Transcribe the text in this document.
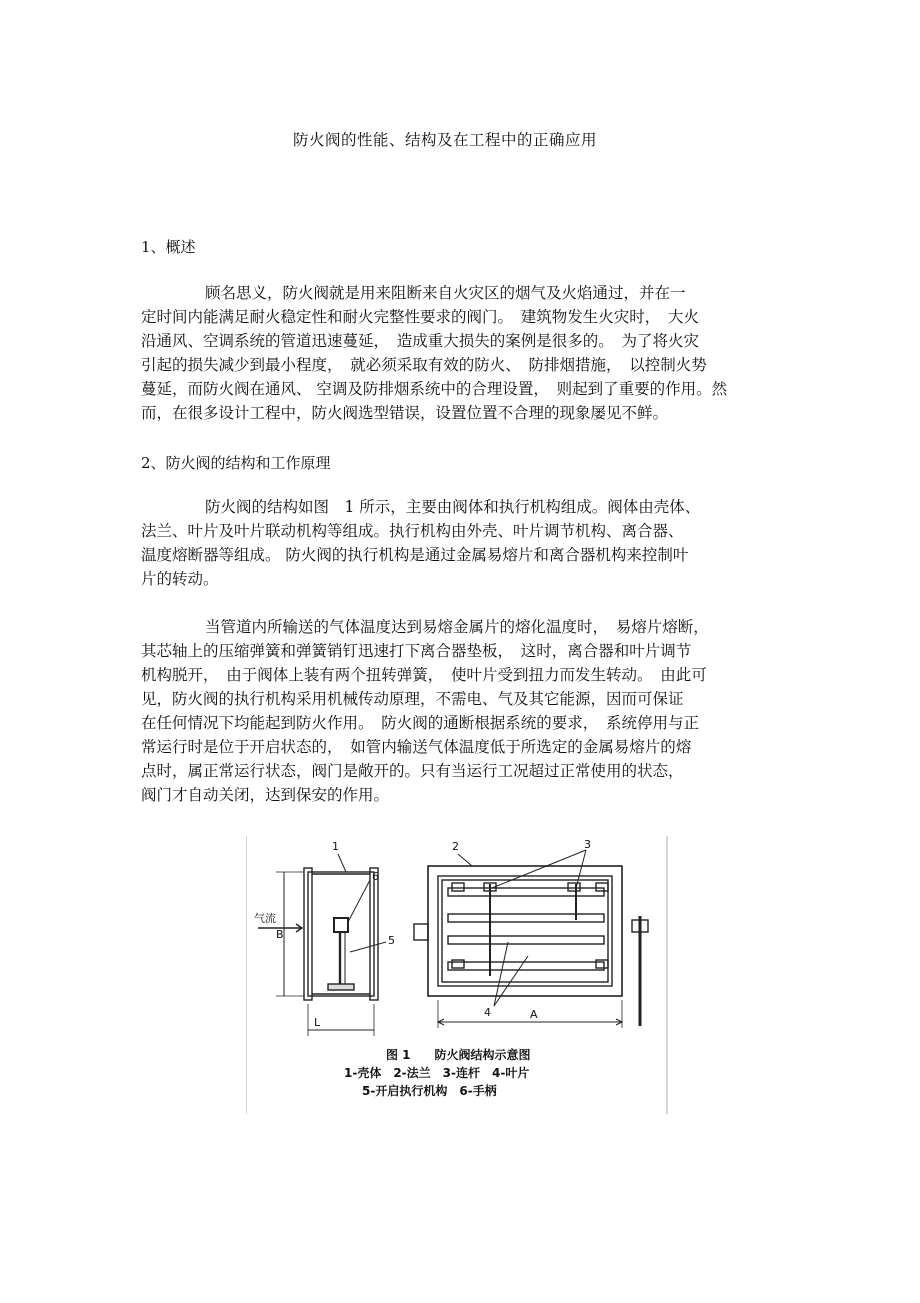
防火阀的性能、结构及在工程中的正确应用
1、概述

顾名思义，防火阀就是用来阻断来自火灾区的烟气及火焰通过，并在一
定时间内能满足耐火稳定性和耐火完整性要求的阀门。　建筑物发生火灾时，　大火
沿通风、空调系统的管道迅速蔓延，　造成重大损失的案例是很多的。　为了将火灾
引起的损失减少到最小程度，　就必须采取有效的防火、　防排烟措施，　以控制火势
蔓延，而防火阀在通风、 空调及防排烟系统中的合理设置，　则起到了重要的作用。然
而，在很多设计工程中，防火阀选型错误，设置位置不合理的现象屡见不鲜。

2、防火阀的结构和工作原理

防火阀的结构如图　1 所示，主要由阀体和执行机构组成。阀体由壳体、
法兰、叶片及叶片联动机构等组成。执行机构由外壳、叶片调节机构、离合器、
温度熔断器等组成。 防火阀的执行机构是通过金属易熔片和离合器机构来控制叶
片的转动。

当管道内所输送的气体温度达到易熔金属片的熔化温度时，　易熔片熔断，
其芯轴上的压缩弹簧和弹簧销钉迅速打下离合器垫板，　这时，离合器和叶片调节
机构脱开，　由于阀体上装有两个扭转弹簧，　使叶片受到扭力而发生转动。　由此可
见，防火阀的执行机构采用机械传动原理，不需电、气及其它能源，因而可保证
在任何情况下均能起到防火作用。　防火阀的通断根据系统的要求，　系统停用与正
常运行时是位于开启状态的，　如管内输送气体温度低于所选定的金属易熔片的熔
点时，属正常运行状态，阀门是敞开的。只有当运行工况超过正常使用的状态，
阀门才自动关闭，达到保安的作用。

1
6
5
气流
B
L
2	3
4	A
图 1　　防火阀结构示意图
1-壳体　2-法兰　3-连杆　4-叶片
5-开启执行机构　6-手柄
